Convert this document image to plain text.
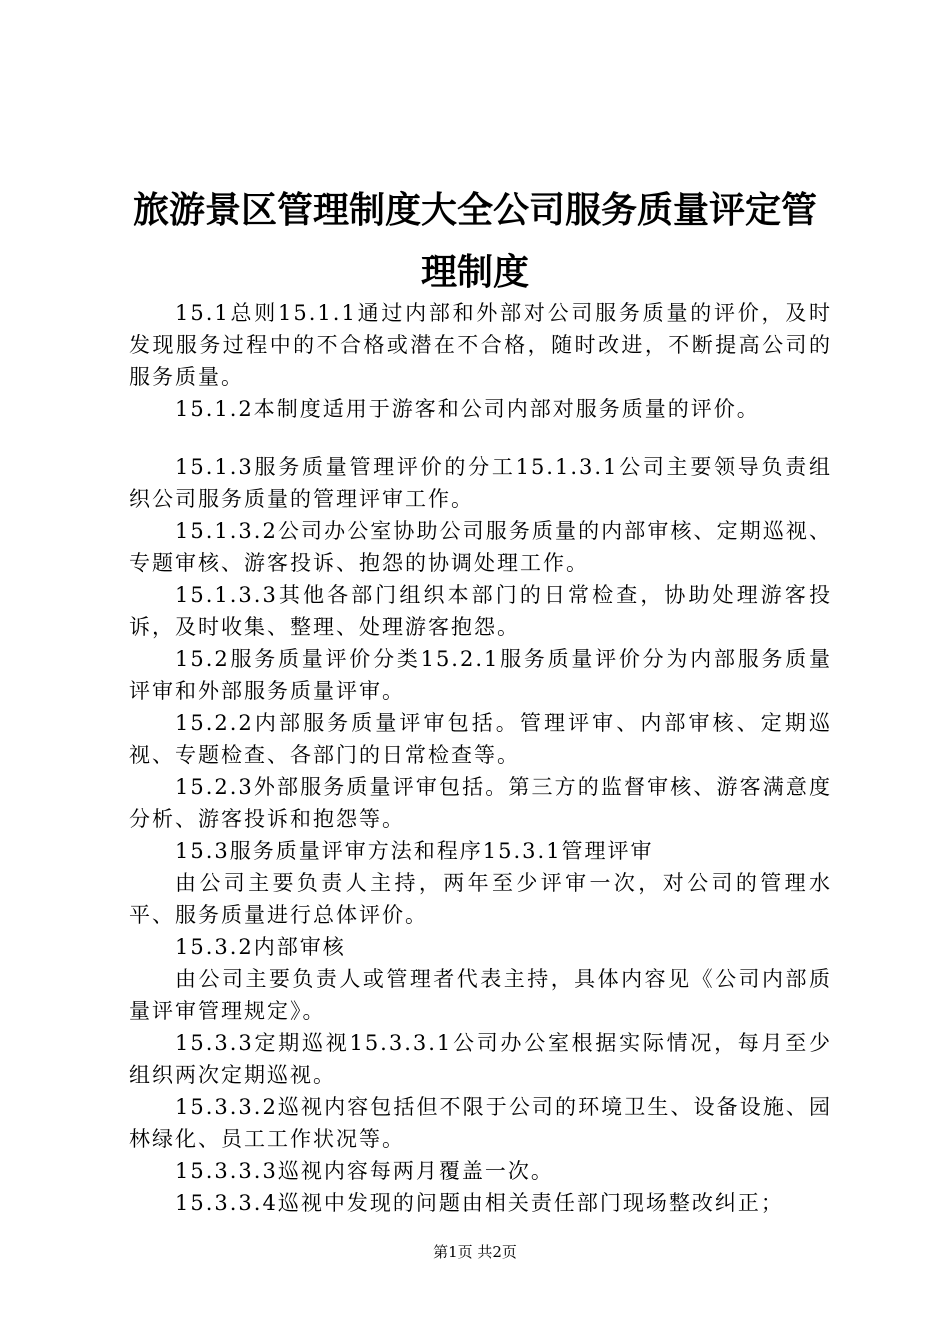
旅游景区管理制度大全公司服务质量评定管理制度

15.1总则15.1.1通过内部和外部对公司服务质量的评价，及时发现服务过程中的不合格或潜在不合格，随时改进，不断提高公司的服务质量。

15.1.2本制度适用于游客和公司内部对服务质量的评价。

15.1.3服务质量管理评价的分工15.1.3.1公司主要领导负责组织公司服务质量的管理评审工作。

15.1.3.2公司办公室协助公司服务质量的内部审核、定期巡视、专题审核、游客投诉、抱怨的协调处理工作。

15.1.3.3其他各部门组织本部门的日常检查，协助处理游客投诉，及时收集、整理、处理游客抱怨。

15.2服务质量评价分类15.2.1服务质量评价分为内部服务质量评审和外部服务质量评审。

15.2.2内部服务质量评审包括。管理评审、内部审核、定期巡视、专题检查、各部门的日常检查等。

15.2.3外部服务质量评审包括。第三方的监督审核、游客满意度分析、游客投诉和抱怨等。

15.3服务质量评审方法和程序15.3.1管理评审

由公司主要负责人主持，两年至少评审一次，对公司的管理水平、服务质量进行总体评价。

15.3.2内部审核

由公司主要负责人或管理者代表主持，具体内容见《公司内部质量评审管理规定》。

15.3.3定期巡视15.3.3.1公司办公室根据实际情况，每月至少组织两次定期巡视。

15.3.3.2巡视内容包括但不限于公司的环境卫生、设备设施、园林绿化、员工工作状况等。

15.3.3.3巡视内容每两月覆盖一次。

15.3.3.4巡视中发现的问题由相关责任部门现场整改纠正；

第1页 共2页
